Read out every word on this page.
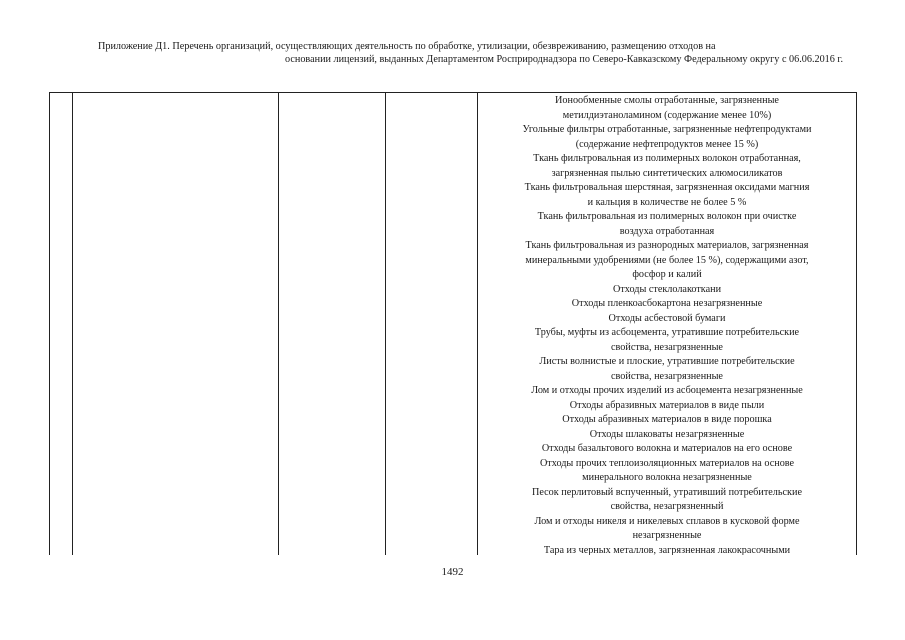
Приложение Д1. Перечень организаций, осуществляющих деятельность по обработке, утилизации, обезвреживанию, размещению отходов на
основании лицензий, выданных Департаментом Росприроднадзора по Северо-Кавказскому Федеральному округу с 06.06.2016 г.
Ионообменные смолы отработанные, загрязненные
метилдиэтаноламином (содержание менее 10%)
Угольные фильтры отработанные, загрязненные нефтепродуктами
(содержание нефтепродуктов менее 15 %)
Ткань фильтровальная из полимерных волокон отработанная,
загрязненная пылью синтетических алюмосиликатов
Ткань фильтровальная шерстяная, загрязненная оксидами магния
и кальция в количестве не более 5 %
Ткань фильтровальная из полимерных волокон при очистке
воздуха отработанная
Ткань фильтровальная из разнородных материалов, загрязненная
минеральными удобрениями (не более 15 %), содержащими азот,
фосфор и калий
Отходы стеклолакоткани
Отходы пленкоасбокартона незагрязненные
Отходы асбестовой бумаги
Трубы, муфты из асбоцемента, утратившие потребительские
свойства, незагрязненные
Листы волнистые и плоские, утратившие потребительские
свойства, незагрязненные
Лом и отходы прочих изделий из асбоцемента незагрязненные
Отходы абразивных материалов в виде пыли
Отходы абразивных материалов в виде порошка
Отходы шлаковаты незагрязненные
Отходы базальтового волокна и материалов на его основе
Отходы прочих теплоизоляционных материалов на основе
минерального волокна незагрязненные
Песок перлитовый вспученный, утративший потребительские
свойства, незагрязненный
Лом и отходы никеля и никелевых сплавов в кусковой форме
незагрязненные
Тара из черных металлов, загрязненная лакокрасочными
1492
